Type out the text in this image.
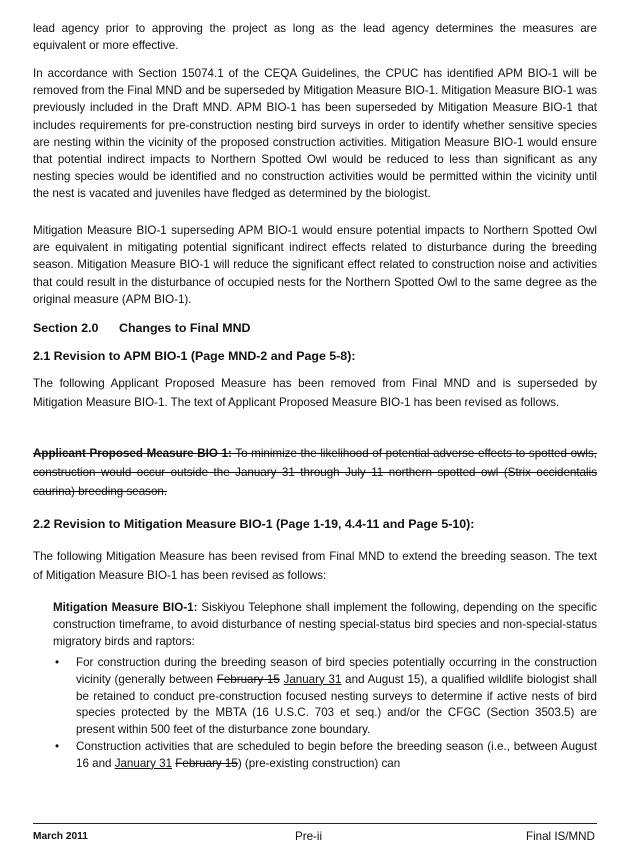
lead agency prior to approving the project as long as the lead agency determines the measures are equivalent or more effective.

In accordance with Section 15074.1 of the CEQA Guidelines, the CPUC has identified APM BIO-1 will be removed from the Final MND and be superseded by Mitigation Measure BIO-1. Mitigation Measure BIO-1 was previously included in the Draft MND. APM BIO-1 has been superseded by Mitigation Measure BIO-1 that includes requirements for pre-construction nesting bird surveys in order to identify whether sensitive species are nesting within the vicinity of the proposed construction activities. Mitigation Measure BIO-1 would ensure that potential indirect impacts to Northern Spotted Owl would be reduced to less than significant as any nesting species would be identified and no construction activities would be permitted within the vicinity until the nest is vacated and juveniles have fledged as determined by the biologist.

Mitigation Measure BIO-1 superseding APM BIO-1 would ensure potential impacts to Northern Spotted Owl are equivalent in mitigating potential significant indirect effects related to disturbance during the breeding season. Mitigation Measure BIO-1 will reduce the significant effect related to construction noise and activities that could result in the disturbance of occupied nests for the Northern Spotted Owl to the same degree as the original measure (APM BIO-1).

Section 2.0 Changes to Final MND
2.1 Revision to APM BIO-1 (Page MND-2 and Page 5-8):

The following Applicant Proposed Measure has been removed from Final MND and is superseded by Mitigation Measure BIO-1. The text of Applicant Proposed Measure BIO-1 has been revised as follows.

Applicant Proposed Measure BIO 1: To minimize the likelihood of potential adverse effects to spotted owls, construction would occur outside the January 31 through July 11 northern spotted owl (Strix occidentalis caurina) breeding season.

2.2 Revision to Mitigation Measure BIO-1 (Page 1-19, 4.4-11 and Page 5-10):

The following Mitigation Measure has been revised from Final MND to extend the breeding season. The text of Mitigation Measure BIO-1 has been revised as follows:

Mitigation Measure BIO-1: Siskiyou Telephone shall implement the following, depending on the specific construction timeframe, to avoid disturbance of nesting special-status bird species and non-special-status migratory birds and raptors:

• For construction during the breeding season of bird species potentially occurring in the construction vicinity (generally between February 15 January 31 and August 15), a qualified wildlife biologist shall be retained to conduct pre-construction focused nesting surveys to determine if active nests of bird species protected by the MBTA (16 U.S.C. 703 et seq.) and/or the CFGC (Section 3503.5) are present within 500 feet of the disturbance zone boundary.
• Construction activities that are scheduled to begin before the breeding season (i.e., between August 16 and January 31 February 15) (pre-existing construction) can
March 2011	Pre-ii	Final IS/MND
